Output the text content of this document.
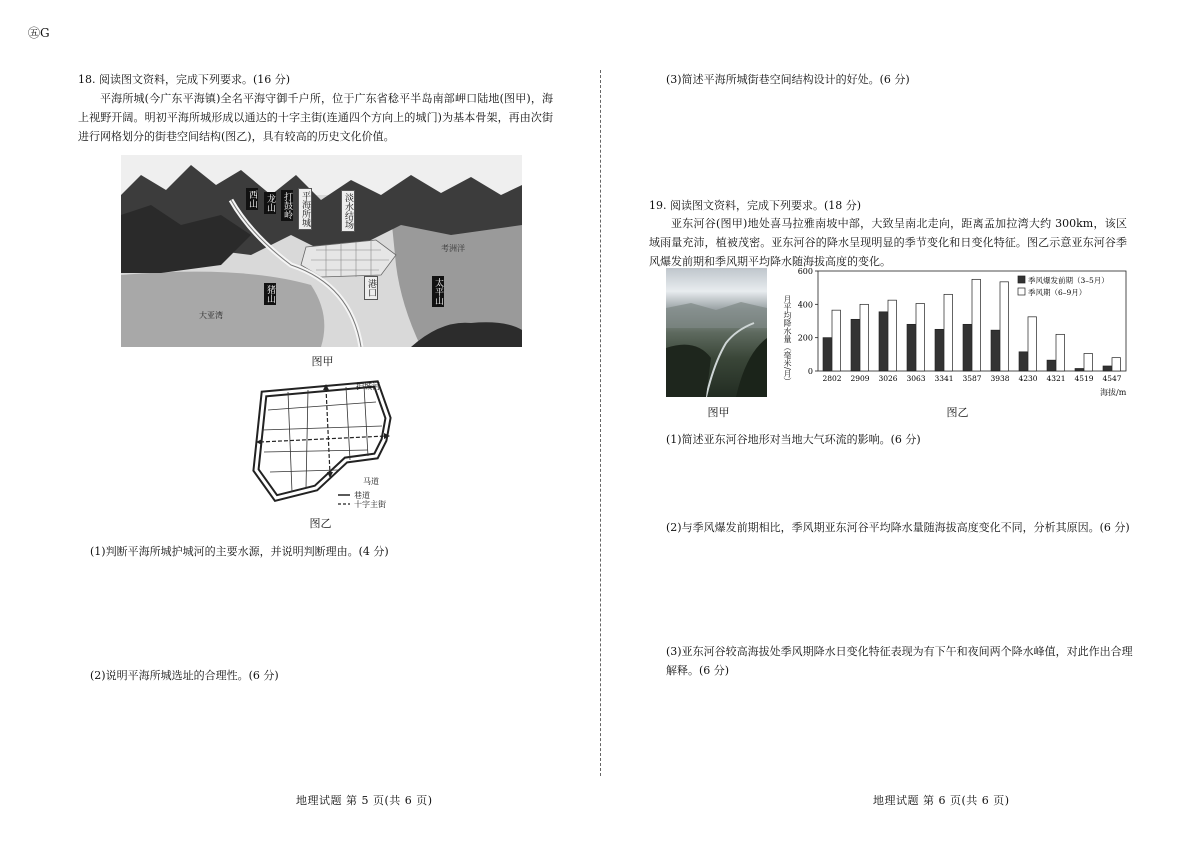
㊄G
18. 阅读图文资料，完成下列要求。(16 分)
平海所城(今广东平海镇)全名平海守御千户所，位于广东省稔平半岛南部岬口陆地(图甲)，海上视野开阔。明初平海所城形成以通达的十字主街(连通四个方向上的城门)为基本骨架，再由次街进行网格划分的街巷空间结构(图乙)，具有较高的历史文化价值。
西山 龙山 打鼓岭 平海所城	淡水结场
考洲洋
猪山
大亚湾
港口	太平山
图甲
护城河
马道
巷道
十字主街
图乙
(1)判断平海所城护城河的主要水源，并说明判断理由。(4 分)
(2)说明平海所城选址的合理性。(6 分)
地理试题 第 5 页(共 6 页)
(3)简述平海所城街巷空间结构设计的好处。(6 分)
19. 阅读图文资料，完成下列要求。(18 分)
亚东河谷(图甲)地处喜马拉雅南坡中部，大致呈南北走向，距离孟加拉湾大约 300km，该区域雨量充沛，植被茂密。亚东河谷的降水呈现明显的季节变化和日变化特征。图乙示意亚东河谷季风爆发前期和季风期平均降水随海拔高度的变化。
图甲
0
200
400
600
2802 2909 3026 3063 3341 3587 3938 4230 4321 4519 4547
季风爆发前期（3–5月）
季风期（6–9月）
月平均降水量（毫米/月）
海拔/m
图乙
(1)简述亚东河谷地形对当地大气环流的影响。(6 分)
(2)与季风爆发前期相比，季风期亚东河谷平均降水量随海拔高度变化不同，分析其原因。(6 分)
(3)亚东河谷较高海拔处季风期降水日变化特征表现为有下午和夜间两个降水峰值，对此作出合理解释。(6 分)
地理试题 第 6 页(共 6 页)
